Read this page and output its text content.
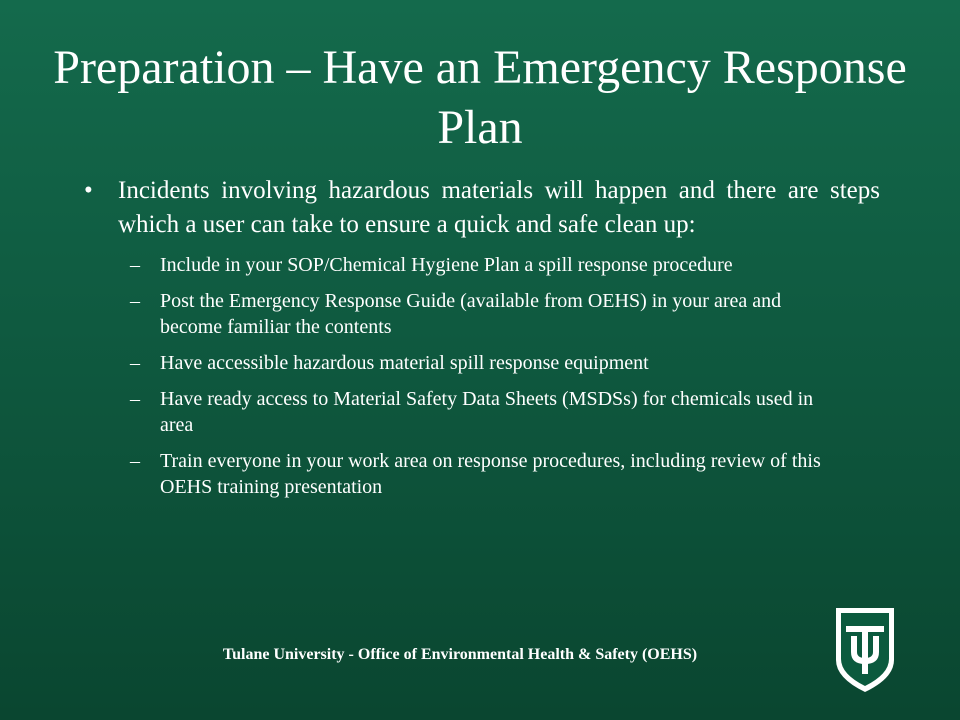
Preparation – Have an Emergency Response Plan
• Incidents involving hazardous materials will happen and there are steps which a user can take to ensure a quick and safe clean up:
– Include in your SOP/Chemical Hygiene Plan a spill response procedure
– Post the Emergency Response Guide (available from OEHS) in your area and become familiar the contents
– Have accessible hazardous material spill response equipment
– Have ready access to Material Safety Data Sheets (MSDSs) for chemicals used in area
– Train everyone in your work area on response procedures, including review of this OEHS training presentation
Tulane University - Office of Environmental Health & Safety (OEHS)
